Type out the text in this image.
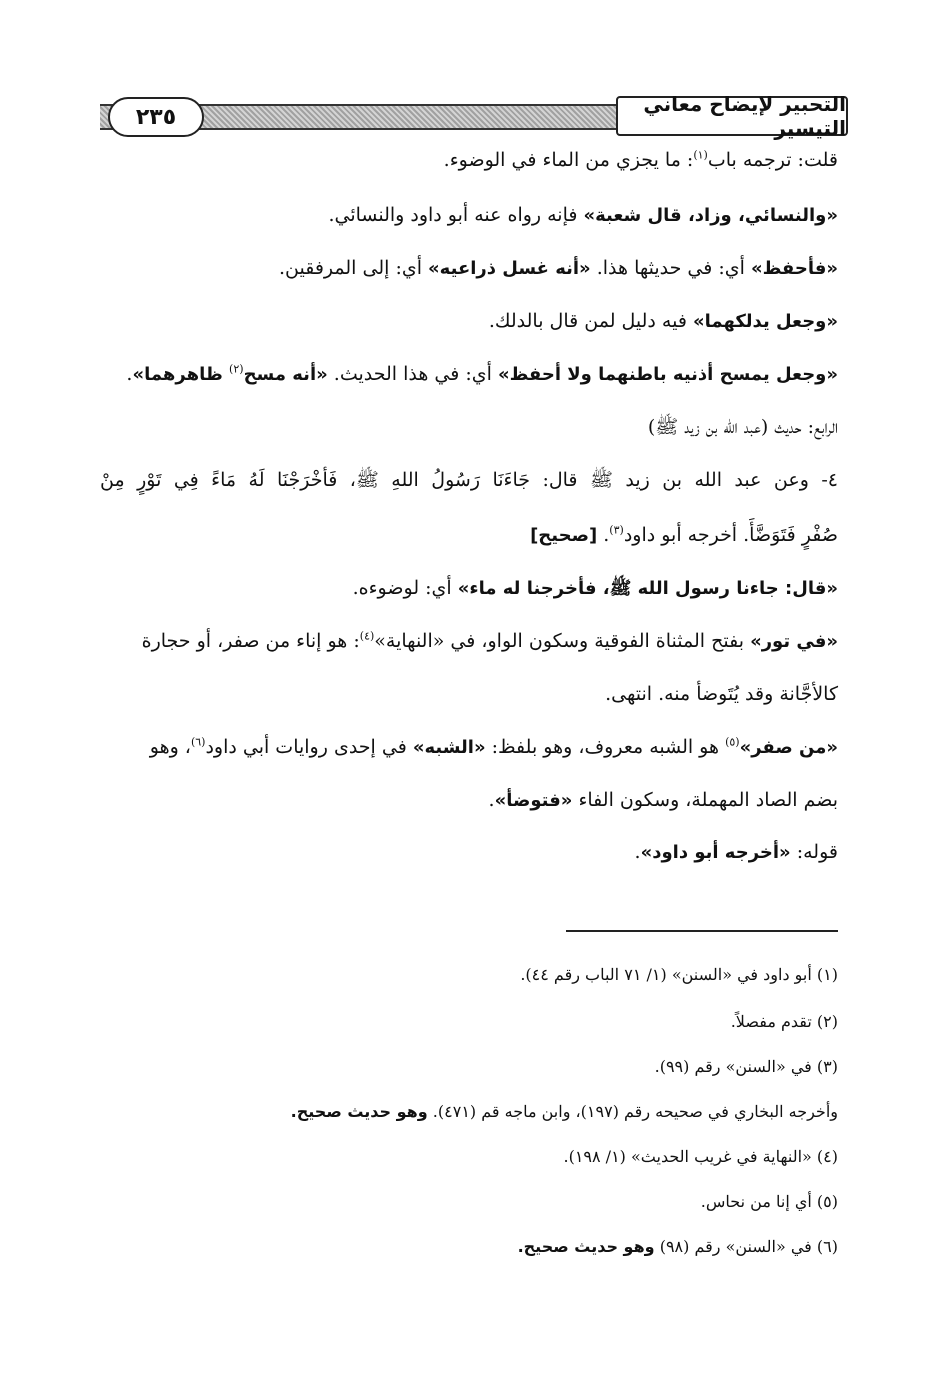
٢٣٥
التحبير لإيضاح معاني التيسير
قلت: ترجمه باب$^{(١)}$: ما يجزي من الماء في الوضوء.
«والنسائي، وزاد، قال شعبة» فإنه رواه عنه أبو داود والنسائي.
«فأحفظ» أي: في حديثها هذا. «أنه غسل ذراعيه» أي: إلى المرفقين.
«وجعل يدلكهما» فيه دليل لمن قال بالدلك.
«وجعل يمسح أذنيه باطنهما ولا أحفظ» أي: في هذا الحديث. «أنه مسح$^{(٢)}$ ظاهرهما».
الرابع: حديث (عبد الله بن زيد ﷺ)
٤- وعن عبد الله بن زيد ﷺ قال: جَاءَنَا رَسُولُ اللهِ ﷺ، فَأَخْرَجْنَا لَهُ مَاءً فِي تَوْرٍ مِنْ
صُفْرٍ فَتَوَضَّأَ. أخرجه أبو داود$^{(٣)}$. [صحيح]
«قال: جاءنا رسول الله ﷺ، فأخرجنا له ماء» أي: لوضوءه.
«في تور» بفتح المثناة الفوقية وسكون الواو، في «النهاية»$^{(٤)}$: هو إناء من صفر، أو حجارة
كالأجَّانة وقد يُتَوضأ منه. انتهى.
«من صفر»$^{(٥)}$ هو الشبه معروف، وهو بلفظ: «الشبه» في إحدى روايات أبي داود$^{(٦)}$، وهو
بضم الصاد المهملة، وسكون الفاء «فتوضأ».
قوله: «أخرجه أبو داود».
(١) أبو داود في «السنن» (١/ ٧١ الباب رقم ٤٤).
(٢) تقدم مفصلاً.
(٣) في «السنن» رقم (٩٩).
وأخرجه البخاري في صحيحه رقم (١٩٧)، وابن ماجه قم (٤٧١). وهو حديث صحيح.
(٤) «النهاية في غريب الحديث» (١/ ١٩٨).
(٥) أي إنا من نحاس.
(٦) في «السنن» رقم (٩٨) وهو حديث صحيح.
